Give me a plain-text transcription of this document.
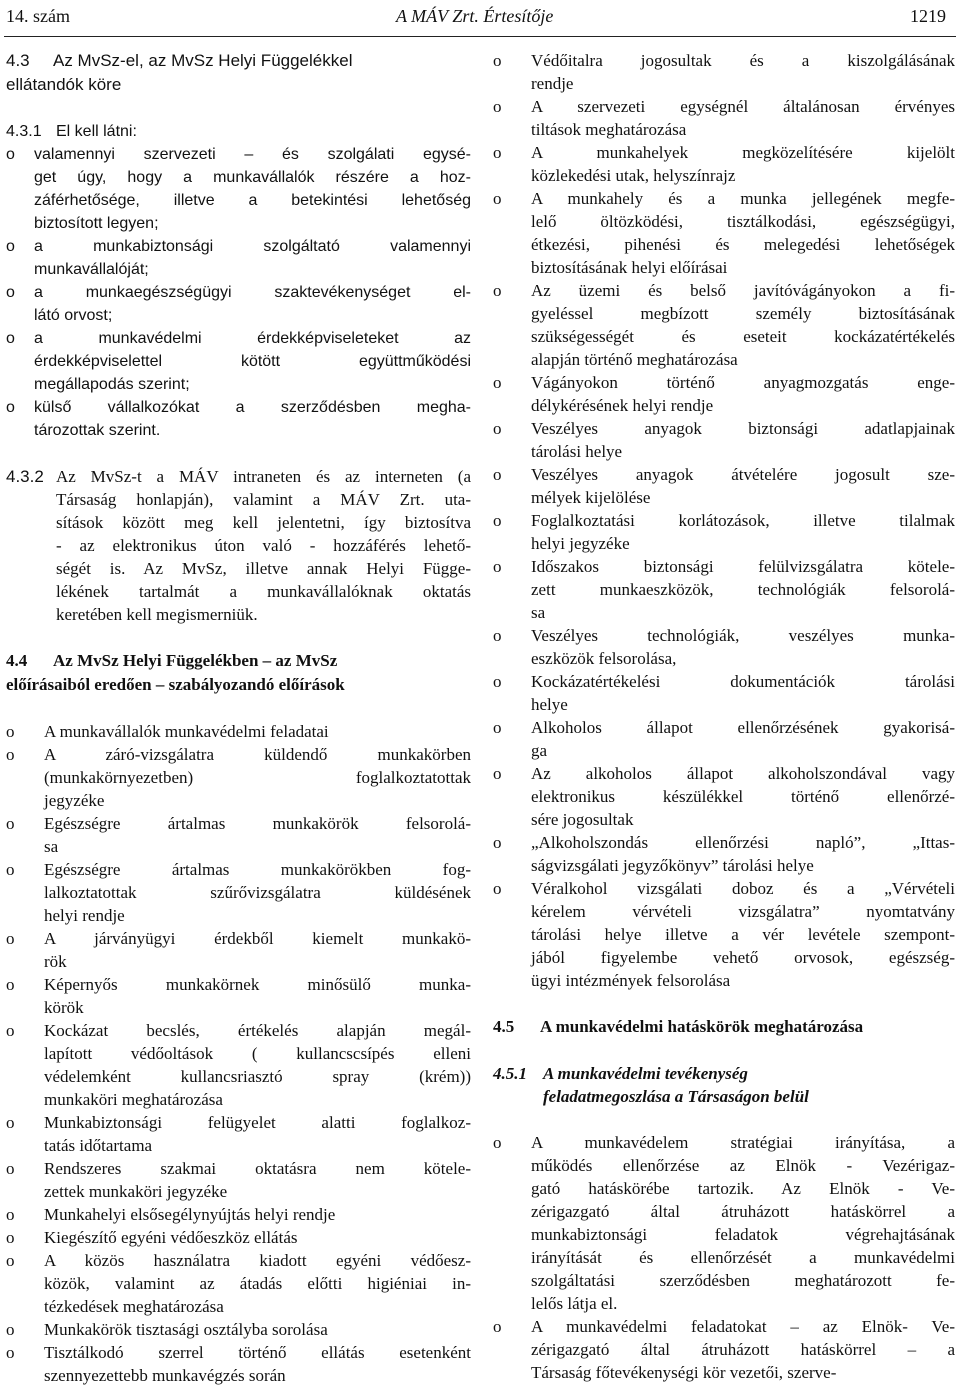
14. szám	A MÁV Zrt. Értesítője	1219
4.3 Az MvSz-el, az MvSz Helyi Függelékkel
ellátandók köre
4.3.1 El kell látni:
o	valamennyi szervezeti – és szolgálati egysé-
get úgy, hogy a munkavállalók részére a hoz-
záférhetősége, illetve a betekintési lehetőség
biztosított legyen;
o	a munkabiztonsági szolgáltató valamennyi
munkavállalóját;
o	a munkaegészségügyi szaktevékenységet el-
látó orvost;
o	a munkavédelmi érdekképviseleteket az
érdekképviselettel kötött együttműködési
megállapodás szerint;
o	külső vállalkozókat a szerződésben megha-
tározottak szerint.
4.3.2 Az MvSz-t a MÁV intraneten és az interneten (a
Társaság honlapján), valamint a MÁV Zrt. uta-
sítások között meg kell jelentetni, így biztosítva
- az elektronikus úton való - hozzáférés lehető-
ségét is. Az MvSz, illetve annak Helyi Függe-
lékének tartalmát a munkavállalóknak oktatás
keretében kell megismerniük.
4.4 Az MvSz Helyi Függelékben – az MvSz
előírásaiból eredően – szabályozandó előírások
o	A munkavállalók munkavédelmi feladatai
o	A záró-vizsgálatra küldendő munkakörben
(munkakörnyezetben) foglalkoztatottak
jegyzéke
o	Egészségre ártalmas munkakörök felsorolá-
sa
o	Egészségre ártalmas munkakörökben fog-
lalkoztatottak szűrővizsgálatra küldésének
helyi rendje
o	A járványügyi érdekből kiemelt munkakö-
rök
o	Képernyős munkakörnek minősülő munka-
körök
o	Kockázat becslés, értékelés alapján megál-
lapított védőoltások ( kullancscsípés elleni
védelemként kullancsriasztó spray (krém))
munkaköri meghatározása
o	Munkabiztonsági felügyelet alatti foglalkoz-
tatás időtartama
o	Rendszeres szakmai oktatásra nem kötele-
zettek munkaköri jegyzéke
o	Munkahelyi elsősegélynyújtás helyi rendje
o	Kiegészítő egyéni védőeszköz ellátás
o	A közös használatra kiadott egyéni védőesz-
közök, valamint az átadás előtti higiéniai in-
tézkedések meghatározása
o	Munkakörök tisztasági osztályba sorolása
o	Tisztálkodó szerrel történő ellátás esetenként
szennyezettebb munkavégzés során
o	Védőitalra jogosultak és a kiszolgálásának
rendje
o	A szervezeti egységnél általánosan érvényes
tiltások meghatározása
o	A munkahelyek megközelítésére kijelölt
közlekedési utak, helyszínrajz
o	A munkahely és a munka jellegének megfe-
lelő öltözködési, tisztálkodási, egészségügyi,
étkezési, pihenési és melegedési lehetőségek
biztosításának helyi előírásai
o	Az üzemi és belső javítóvágányokon a fi-
gyeléssel megbízott személy biztosításának
szükségességét és eseteit kockázatértékelés
alapján történő meghatározása
o	Vágányokon történő anyagmozgatás enge-
délykérésének helyi rendje
o	Veszélyes anyagok biztonsági adatlapjainak
tárolási helye
o	Veszélyes anyagok átvételére jogosult sze-
mélyek kijelölése
o	Foglalkoztatási korlátozások, illetve tilalmak
helyi jegyzéke
o	Időszakos biztonsági felülvizsgálatra kötele-
zett munkaeszközök, technológiák felsorolá-
sa
o	Veszélyes technológiák, veszélyes munka-
eszközök felsorolása,
o	Kockázatértékelési dokumentációk tárolási
helye
o	Alkoholos állapot ellenőrzésének gyakorisá-
ga
o	Az alkoholos állapot alkoholszondával vagy
elektronikus készülékkel történő ellenőrzé-
sére jogosultak
o	„Alkoholszondás ellenőrzési napló”, „Ittas-
ságvizsgálati jegyzőkönyv” tárolási helye
o	Véralkohol vizsgálati doboz és a „Vérvételi
kérelem vérvételi vizsgálatra” nyomtatvány
tárolási helye illetve a vér levétele szempont-
jából figyelembe vehető orvosok, egészség-
ügyi intézmények felsorolása
4.5 A munkavédelmi hatáskörök meghatározása
4.5.1 A munkavédelmi tevékenység
feladatmegoszlása a Társaságon belül
o	A munkavédelem stratégiai irányítása, a
működés ellenőrzése az Elnök - Vezérigaz-
gató hatáskörébe tartozik. Az Elnök - Ve-
zérigazgató által átruházott hatáskörrel a
munkabiztonsági feladatok végrehajtásának
irányítását és ellenőrzését a munkavédelmi
szolgáltatási szerződésben meghatározott fe-
lelős látja el.
o	A munkavédelmi feladatokat – az Elnök- Ve-
zérigazgató által átruházott hatáskörrel – a
Társaság főtevékenységi kör vezetői, szerve-
